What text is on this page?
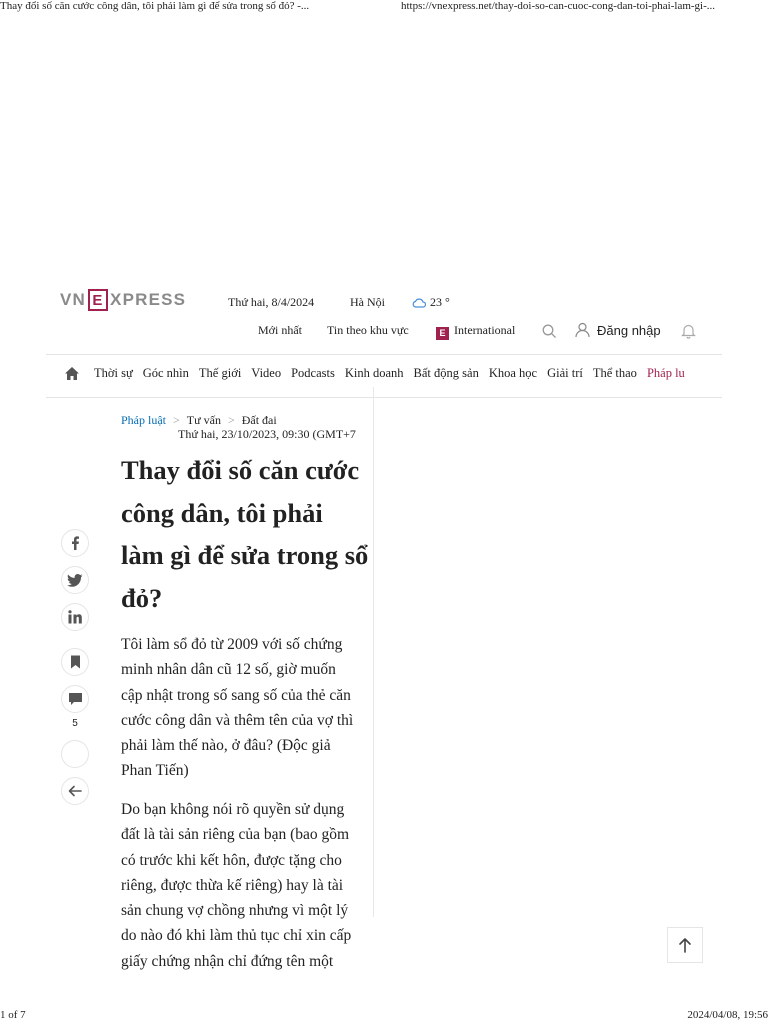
Thay đổi số căn cước công dân, tôi phải làm gì để sửa trong sổ đỏ? -...	https://vnexpress.net/thay-doi-so-can-cuoc-cong-dan-toi-phai-lam-gi-...
1 of 7	2024/04/08, 19:56
VN E XPRESS	Thứ hai, 8/4/2024	Hà Nội	23 °
Mới nhất Tin theo khu vực	E International	Đăng nhập
Thời sự Góc nhìn Thế giới Video Podcasts Kinh doanh Bất động sản Khoa học Giải trí Thể thao Pháp lu
Pháp luật > Tư vấn > Đất đai
Thứ hai, 23/10/2023, 09:30 (GMT+7
Thay đổi số căn cước công dân, tôi phải làm gì để sửa trong sổ đỏ?

Tôi làm sổ đỏ từ 2009 với số chứng
minh nhân dân cũ 12 số, giờ muốn
cập nhật trong số sang số của thẻ căn
cước công dân và thêm tên của vợ thì
phải làm thế nào, ở đâu? (Độc giả
Phan Tiến)

Do bạn không nói rõ quyền sử dụng
đất là tài sản riêng của bạn (bao gồm
có trước khi kết hôn, được tặng cho
riêng, được thừa kế riêng) hay là tài
sản chung vợ chồng nhưng vì một lý
do nào đó khi làm thủ tục chỉ xin cấp
giấy chứng nhận chỉ đứng tên một

5
